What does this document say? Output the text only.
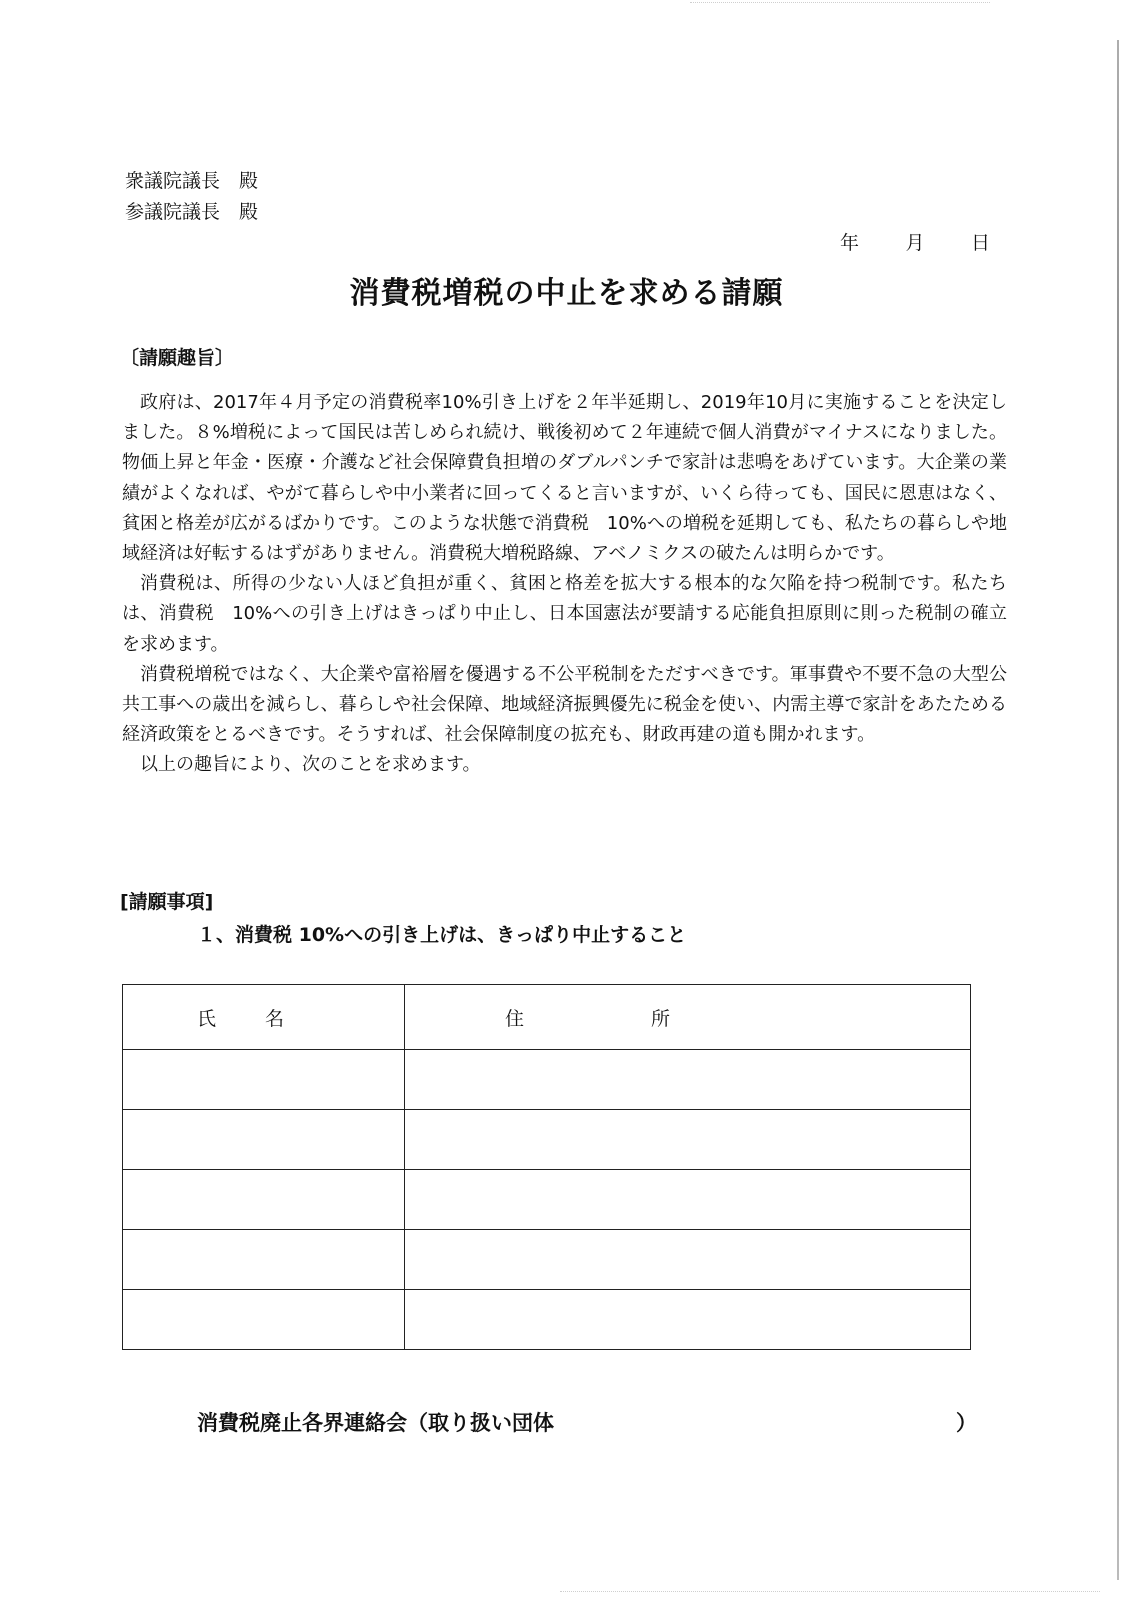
衆議院議長　殿
参議院議長　殿
年 月 日
消費税増税の中止を求める請願
〔請願趣旨〕

政府は、2017年４月予定の消費税率10%引き上げを２年半延期し、2019年10月に実施することを決定しました。８%増税によって国民は苦しめられ続け、戦後初めて２年連続で個人消費がマイナスになりました。物価上昇と年金・医療・介護など社会保障費負担増のダブルパンチで家計は悲鳴をあげています。大企業の業績がよくなれば、やがて暮らしや中小業者に回ってくると言いますが、いくら待っても、国民に恩恵はなく、貧困と格差が広がるばかりです。このような状態で消費税　10%への増税を延期しても、私たちの暮らしや地域経済は好転するはずがありません。消費税大増税路線、アベノミクスの破たんは明らかです。

消費税は、所得の少ない人ほど負担が重く、貧困と格差を拡大する根本的な欠陥を持つ税制です。私たちは、消費税　10%への引き上げはきっぱり中止し、日本国憲法が要請する応能負担原則に則った税制の確立を求めます。

消費税増税ではなく、大企業や富裕層を優遇する不公平税制をただすべきです。軍事費や不要不急の大型公共工事への歳出を減らし、暮らしや社会保障、地域経済振興優先に税金を使い、内需主導で家計をあたためる経済政策をとるべきです。そうすれば、社会保障制度の拡充も、財政再建の道も開かれます。

以上の趣旨により、次のことを求めます。

[請願事項]
１、消費税 10%への引き上げは、きっぱり中止すること
氏 名	住 所

消費税廃止各界連絡会（取り扱い団体	）
